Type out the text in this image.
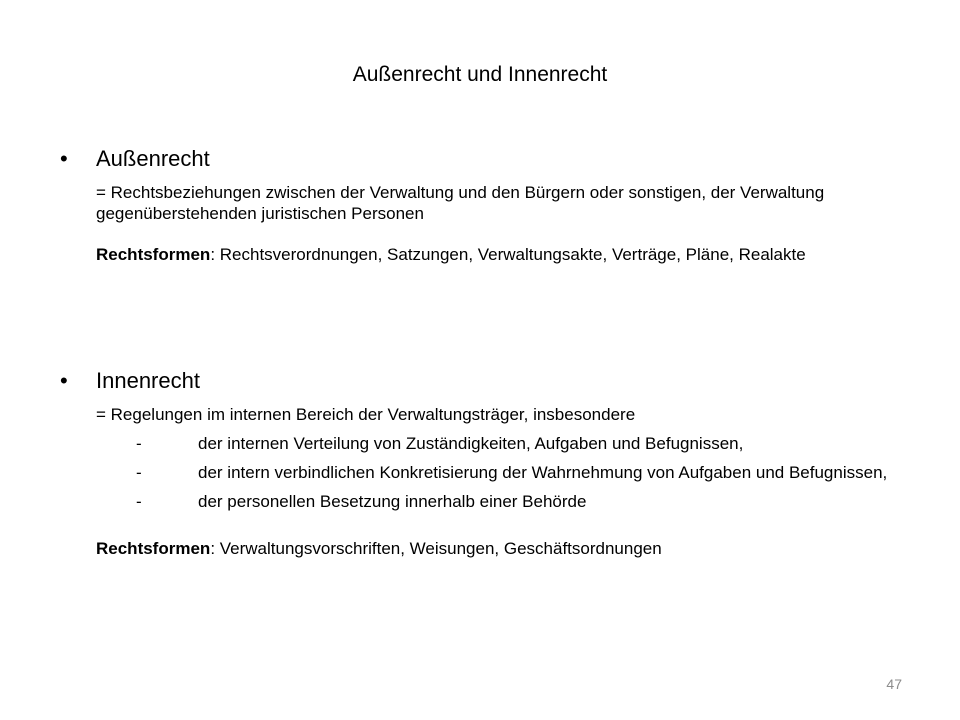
Außenrecht und Innenrecht
•	Außenrecht
= Rechtsbeziehungen zwischen der Verwaltung und den Bürgern oder sonstigen, der Verwaltung gegenüberstehenden juristischen Personen
Rechtsformen: Rechtsverordnungen, Satzungen, Verwaltungsakte, Verträge, Pläne, Realakte
•	Innenrecht
= Regelungen im internen Bereich der Verwaltungsträger, insbesondere
-	der internen Verteilung von Zuständigkeiten, Aufgaben und Befugnissen,
-	der intern verbindlichen Konkretisierung der Wahrnehmung von Aufgaben und Befugnissen,
-	der personellen Besetzung innerhalb einer Behörde
Rechtsformen: Verwaltungsvorschriften, Weisungen, Geschäftsordnungen
47
